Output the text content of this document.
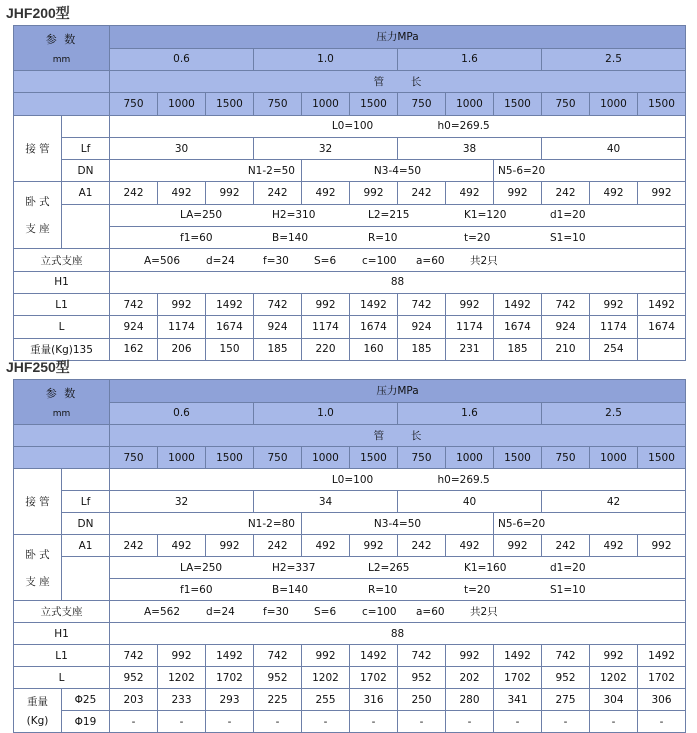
JHF200型
参 数
mm		压力MPa											
		0.6			1.0			1.6			2.5		
		管        长											
		750	1000	1500	750	1000	1500	750	1000	1500	750	1000	1500
接 管		L0=100 h0=269.5											
	Lf	30			32			38			40		
	DN	N1-2=50				N3-4=50				N5-6=20			

卧 式
支 座	A1	242	492	992	242	492	992	242	492	992	242	492	992
		LA=250 H2=310 L2=215 K1=120 d1=20											
		f1=60 B=140 R=10 t=20 S1=10											
立式支座		A=506 d=24 f=30 S=6 c=100 a=60 共2只											
H1		88											
L1		742	992	1492	742	992	1492	742	992	1492	742	992	1492
L		924	1174	1674	924	1174	1674	924	1174	1674	924	1174	1674
重量(Kg)135		162	206	150	185	220	160	185	231	185	210	254	
JHF250型
参 数
mm		压力MPa											
		0.6			1.0			1.6			2.5		
		管        长											
		750	1000	1500	750	1000	1500	750	1000	1500	750	1000	1500
接 管		L0=100 h0=269.5											
	Lf	32			34			40			42		
	DN	N1-2=80				N3-4=50				N5-6=20			

卧 式
支 座	A1	242	492	992	242	492	992	242	492	992	242	492	992
		LA=250 H2=337 L2=265 K1=160 d1=20											
		f1=60 B=140 R=10 t=20 S1=10											
立式支座		A=562 d=24 f=30 S=6 c=100 a=60 共2只											
H1		88											
L1		742	992	1492	742	992	1492	742	992	1492	742	992	1492
L		952	1202	1702	952	1202	1702	952	202	1702	952	1202	1702

重量
(Kg)	Φ25	203	233	293	225	255	316	250	280	341	275	304	306
	Φ19	-	-	-	-	-	-	-	-	-	-	-	-
